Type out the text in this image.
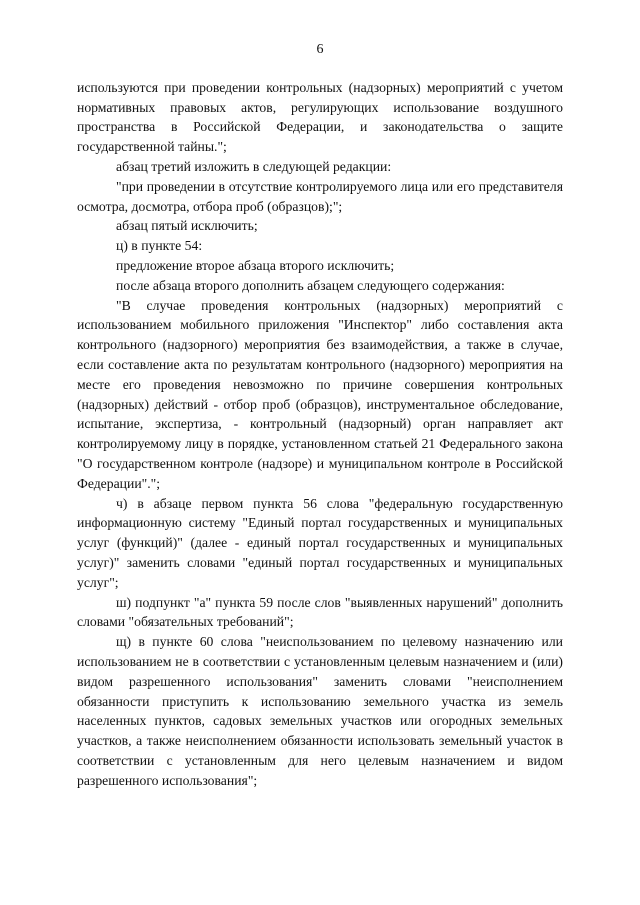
6

используются при проведении контрольных (надзорных) мероприятий с учетом нормативных правовых актов, регулирующих использование воздушного пространства в Российской Федерации, и законодательства о защите государственной тайны.";

абзац третий изложить в следующей редакции:

"при проведении в отсутствие контролируемого лица или его представителя осмотра, досмотра, отбора проб (образцов);";

абзац пятый исключить;

ц) в пункте 54:

предложение второе абзаца второго исключить;

после абзаца второго дополнить абзацем следующего содержания:

"В случае проведения контрольных (надзорных) мероприятий с использованием мобильного приложения "Инспектор" либо составления акта контрольного (надзорного) мероприятия без взаимодействия, а также в случае, если составление акта по результатам контрольного (надзорного) мероприятия на месте его проведения невозможно по причине совершения контрольных (надзорных) действий - отбор проб (образцов), инструментальное обследование, испытание, экспертиза, - контрольный (надзорный) орган направляет акт контролируемому лицу в порядке, установленном статьей 21 Федерального закона "О государственном контроле (надзоре) и муниципальном контроле в Российской Федерации".";

ч) в абзаце первом пункта 56 слова "федеральную государственную информационную систему "Единый портал государственных и муниципальных услуг (функций)" (далее - единый портал государственных и муниципальных услуг)" заменить словами "единый портал государственных и муниципальных услуг";

ш) подпункт "а" пункта 59 после слов "выявленных нарушений" дополнить словами "обязательных требований";

щ) в пункте 60 слова "неиспользованием по целевому назначению или использованием не в соответствии с установленным целевым назначением и (или) видом разрешенного использования" заменить словами "неисполнением обязанности приступить к использованию земельного участка из земель населенных пунктов, садовых земельных участков или огородных земельных участков, а также неисполнением обязанности использовать земельный участок в соответствии с установленным для него целевым назначением и видом разрешенного использования";
